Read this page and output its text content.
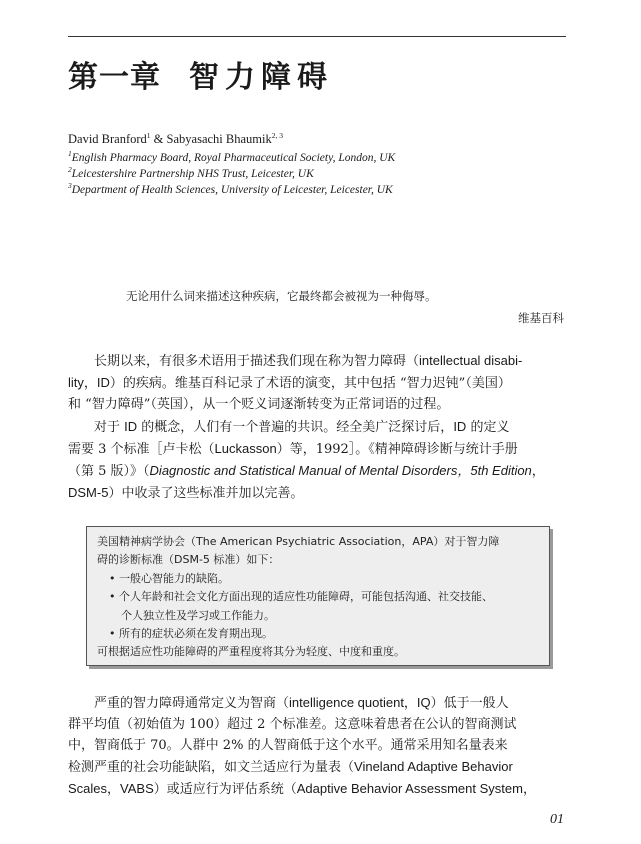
第一章 智力障碍
David Branford$^1$ & Sabyasachi Bhaumik$^{2, 3}$
$^1$English Pharmacy Board, Royal Pharmaceutical Society, London, UK
$^2$Leicestershire Partnership NHS Trust, Leicester, UK
$^3$Department of Health Sciences, University of Leicester, Leicester, UK
无论用什么词来描述这种疾病，它最终都会被视为一种侮辱。
维基百科
长期以来，有很多术语用于描述我们现在称为智力障碍（intellectual disabi-
lity，ID）的疾病。维基百科记录了术语的演变，其中包括 “智力迟钝”（美国）
和 “智力障碍”（英国），从一个贬义词逐渐转变为正常词语的过程。
对于 ID 的概念，人们有一个普遍的共识。经全美广泛探讨后，ID 的定义
需要 3 个标准［卢卡松（Luckasson）等，1992］。《精神障碍诊断与统计手册
（第 5 版）》（Diagnostic and Statistical Manual of Mental Disorders，5th Edition，
DSM-5）中收录了这些标准并加以完善。
美国精神病学协会（The American Psychiatric Association，APA）对于智力障
碍的诊断标准（DSM-5 标准）如下：
• 一般心智能力的缺陷。
• 个人年龄和社会文化方面出现的适应性功能障碍，可能包括沟通、社交技能、
个人独立性及学习或工作能力。
• 所有的症状必须在发育期出现。
可根据适应性功能障碍的严重程度将其分为轻度、中度和重度。
严重的智力障碍通常定义为智商（intelligence quotient，IQ）低于一般人
群平均值（初始值为 100）超过 2 个标准差。这意味着患者在公认的智商测试
中，智商低于 70。人群中 2% 的人智商低于这个水平。通常采用知名量表来
检测严重的社会功能缺陷，如文兰适应行为量表（Vineland Adaptive Behavior
Scales，VABS）或适应行为评估系统（Adaptive Behavior Assessment System，
01
